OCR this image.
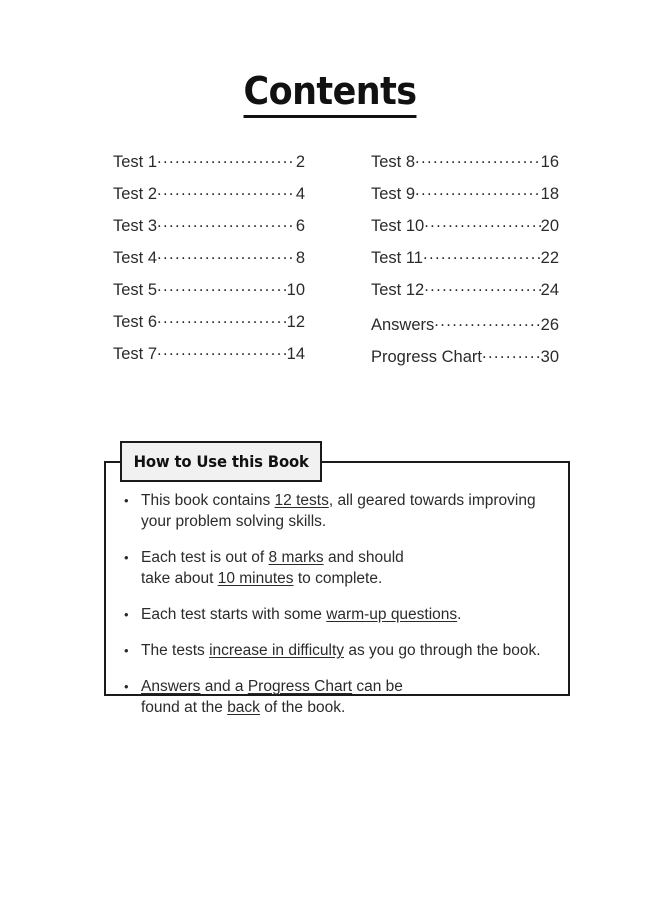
Contents
Test 1 .....	2
Test 2 .....	4
Test 3 .....	6
Test 4 .....	8
Test 5 .....	10
Test 6 .....	12
Test 7 .....	14
Test 8 .....	16
Test 9 .....	18
Test 10 .....	20
Test 11 .....	22
Test 12 .....	24
Answers .....	26
Progress Chart .....	30
How to Use this Book
• This book contains 12 tests, all geared towards improving your problem solving skills.
• Each test is out of 8 marks and should
take about 10 minutes to complete.
• Each test starts with some warm-up questions.
• The tests increase in difficulty as you go through the book.
• Answers and a Progress Chart can be
found at the back of the book.
